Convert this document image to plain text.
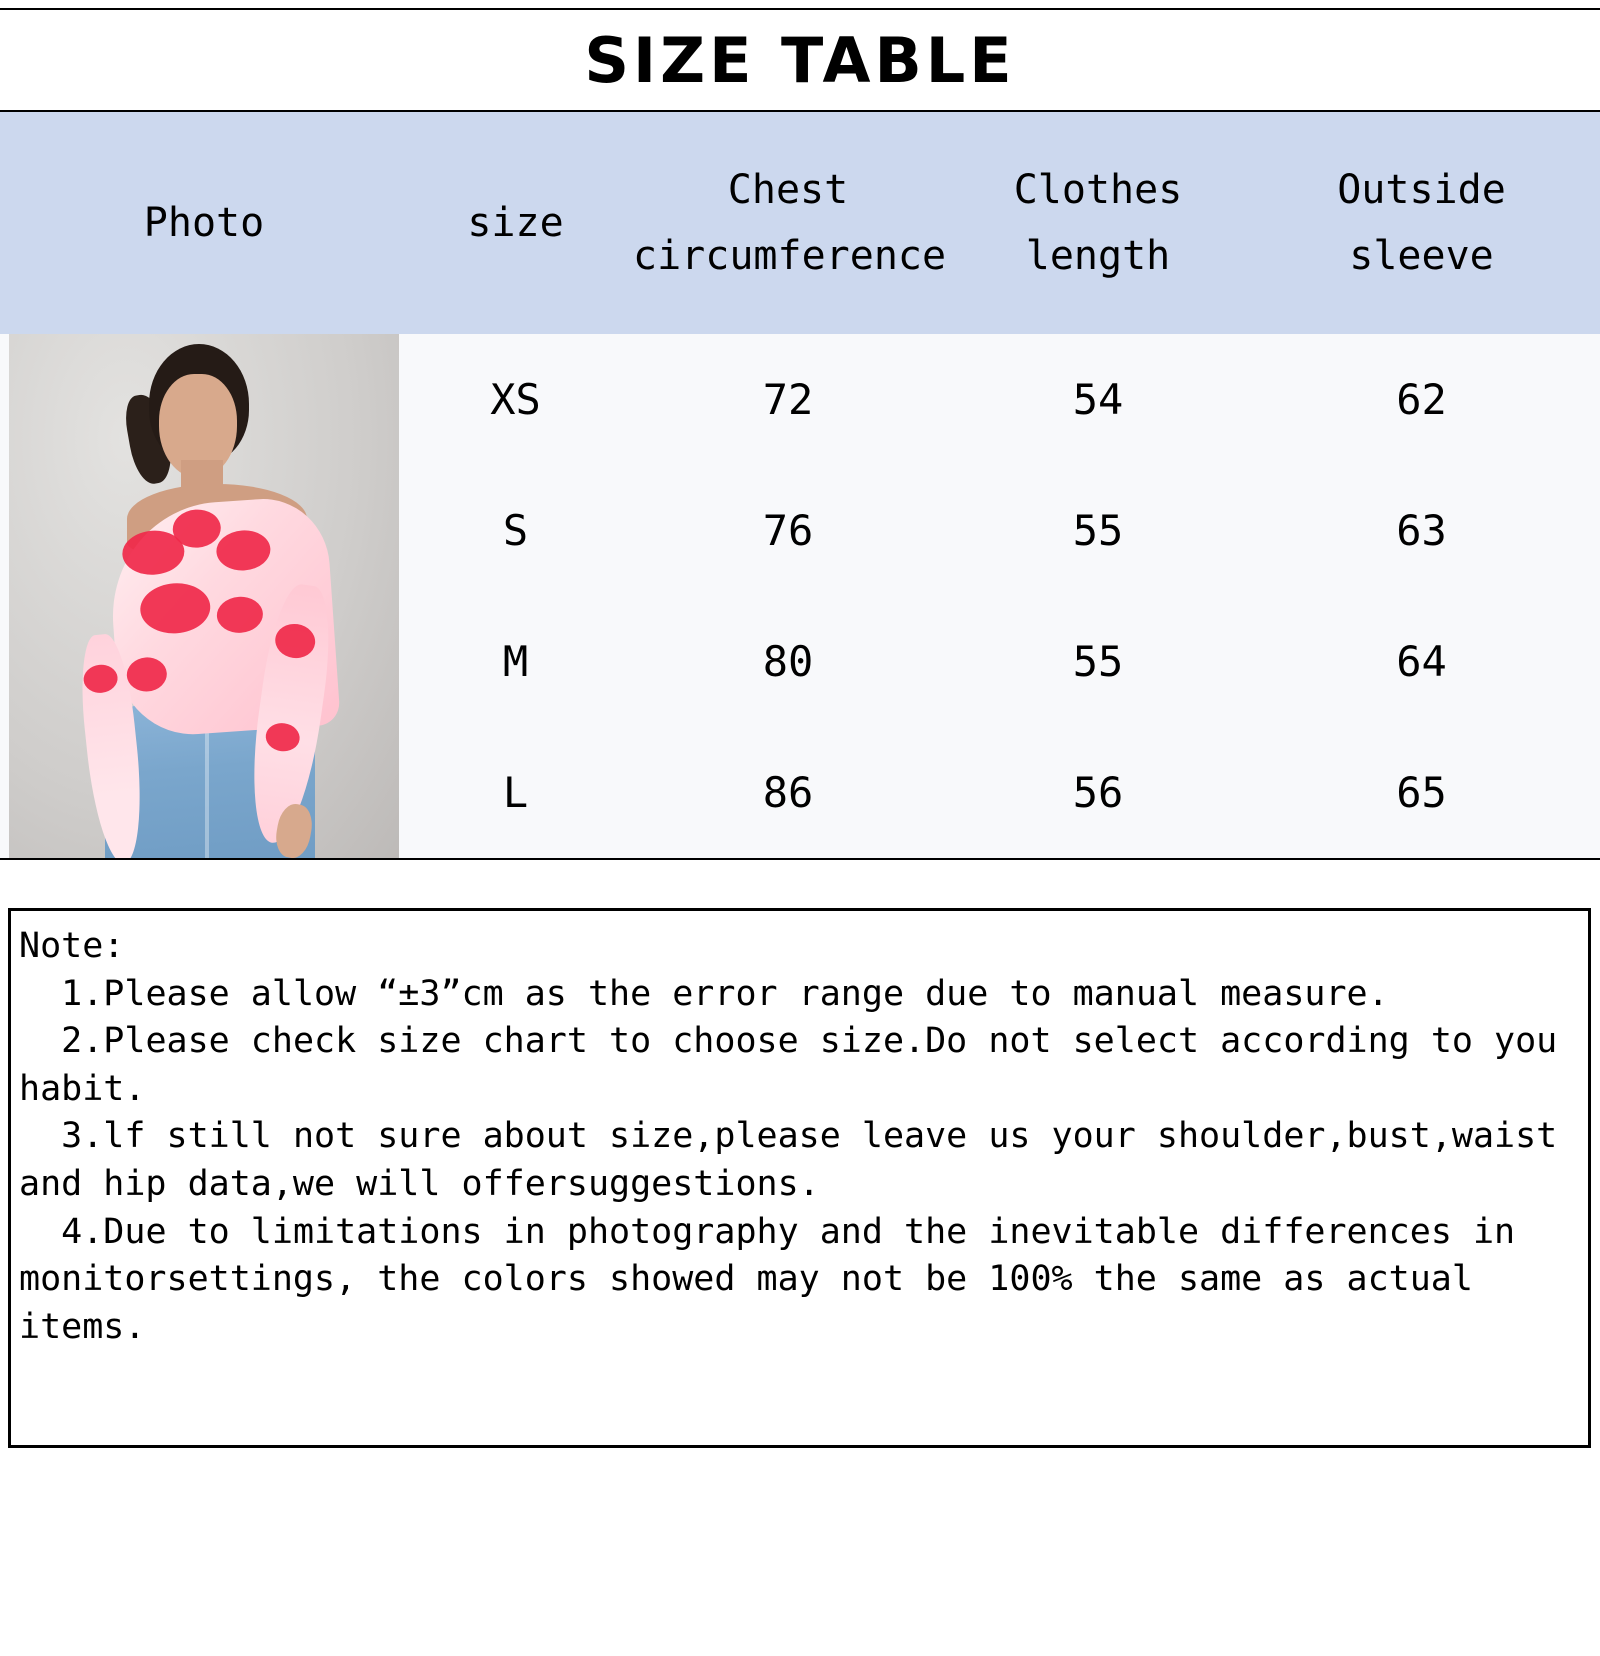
SIZE TABLE
Photo	size	Chest circumference	Clothes length	Outside sleeve

	XS	72	54	62
	S	76	55	63
	M	80	55	64
	L	86	56	65
Note:
1.Please allow “±3”cm as the error range due to manual measure.
2.Please check size chart to choose size.Do not select according to you habit.
3.lf still not sure about size,please leave us your shoulder,bust,waist and hip data,we will offersuggestions.
4.Due to limitations in photography and the inevitable differences in monitorsettings, the colors showed may not be 100% the same as actual items.
